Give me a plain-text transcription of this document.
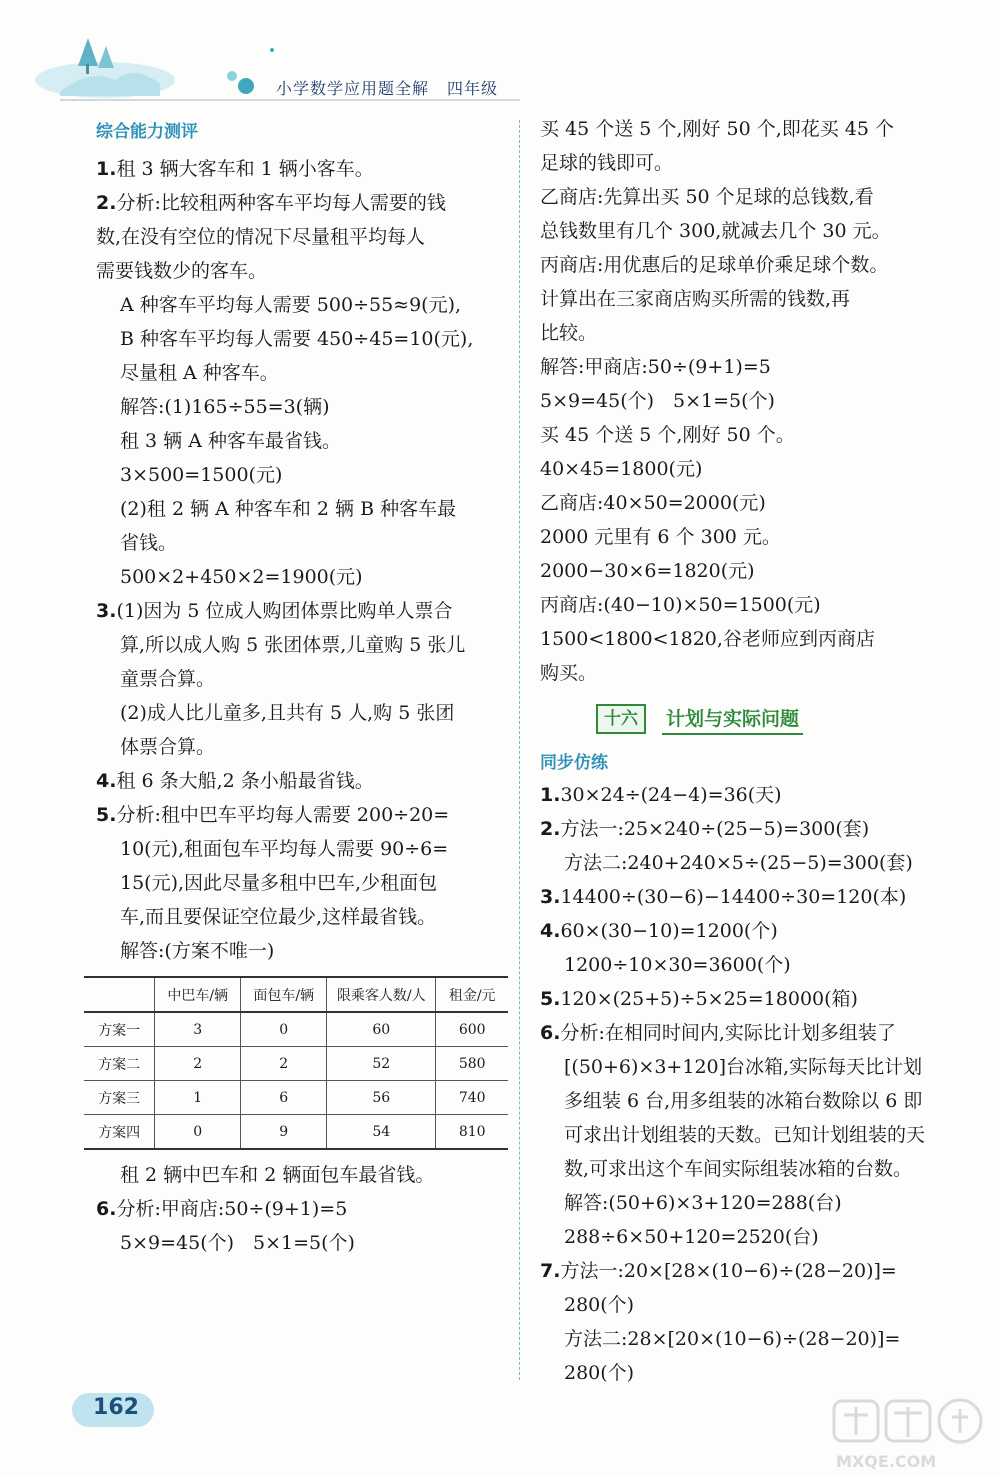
小学数学应用题全解 四年级
综合能力测评

1.租 3 辆大客车和 1 辆小客车。

2.分析:比较租两种客车平均每人需要的钱

数,在没有空位的情况下尽量租平均每人

需要钱数少的客车。

A 种客车平均每人需要 500÷55≈9(元),

B 种客车平均每人需要 450÷45=10(元),

尽量租 A 种客车。

解答:(1)165÷55=3(辆)

租 3 辆 A 种客车最省钱。

3×500=1500(元)

(2)租 2 辆 A 种客车和 2 辆 B 种客车最

省钱。

500×2+450×2=1900(元)

3.(1)因为 5 位成人购团体票比购单人票合

算,所以成人购 5 张团体票,儿童购 5 张儿

童票合算。

(2)成人比儿童多,且共有 5 人,购 5 张团

体票合算。

4.租 6 条大船,2 条小船最省钱。

5.分析:租中巴车平均每人需要 200÷20=

10(元),租面包车平均每人需要 90÷6=

15(元),因此尽量多租中巴车,少租面包

车,而且要保证空位最少,这样最省钱。

解答:(方案不唯一)

	中巴车/辆	面包车/辆	限乘客人数/人	租金/元
方案一	3	0	60	600
方案二	2	2	52	580
方案三	1	6	56	740
方案四	0	9	54	810

租 2 辆中巴车和 2 辆面包车最省钱。

6.分析:甲商店:50÷(9+1)=5

5×9=45(个)　5×1=5(个)

买 45 个送 5 个,刚好 50 个,即花买 45 个

足球的钱即可。

乙商店:先算出买 50 个足球的总钱数,看

总钱数里有几个 300,就减去几个 30 元。

丙商店:用优惠后的足球单价乘足球个数。

计算出在三家商店购买所需的钱数,再

比较。

解答:甲商店:50÷(9+1)=5

5×9=45(个)　5×1=5(个)

买 45 个送 5 个,刚好 50 个。

40×45=1800(元)

乙商店:40×50=2000(元)

2000 元里有 6 个 300 元。

2000−30×6=1820(元)

丙商店:(40−10)×50=1500(元)

1500<1800<1820,谷老师应到丙商店

购买。

十六	计划与实际问题
同步仿练

1.30×24÷(24−4)=36(天)

2.方法一:25×240÷(25−5)=300(套)

方法二:240+240×5÷(25−5)=300(套)

3.14400÷(30−6)−14400÷30=120(本)

4.60×(30−10)=1200(个)

1200÷10×30=3600(个)

5.120×(25+5)÷5×25=18000(箱)

6.分析:在相同时间内,实际比计划多组装了

[(50+6)×3+120]台冰箱,实际每天比计划

多组装 6 台,用多组装的冰箱台数除以 6 即

可求出计划组装的天数。已知计划组装的天

数,可求出这个车间实际组装冰箱的台数。

解答:(50+6)×3+120=288(台)

288÷6×50+120=2520(台)

7.方法一:20×[28×(10−6)÷(28−20)]=

280(个)

方法二:28×[20×(10−6)÷(28−20)]=

280(个)

162
MXQE.COM
